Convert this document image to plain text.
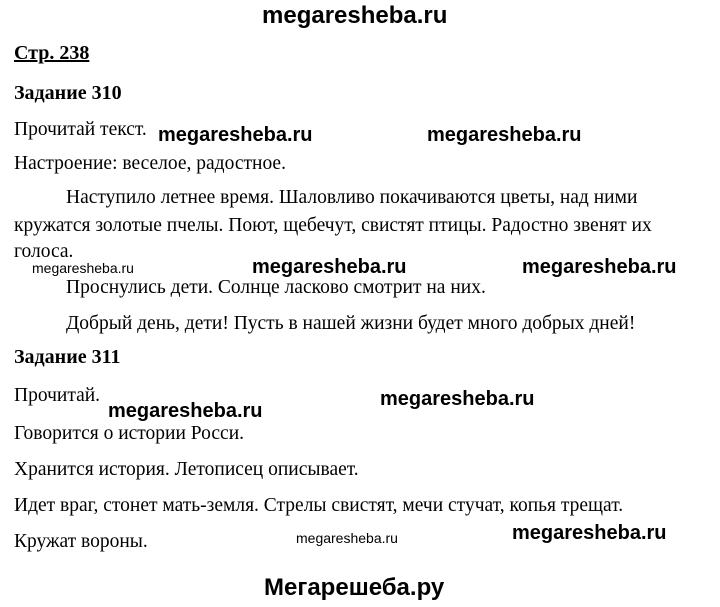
megaresheba.ru
Стр. 238
Задание 310
Прочитай текст.
Настроение: веселое, радостное.
Наступило летнее время. Шаловливо покачиваются цветы, над ними
кружатся золотые пчелы. Поют, щебечут, свистят птицы. Радостно звенят их
голоса.
Проснулись дети. Солнце ласково смотрит на них.
Добрый день, дети! Пусть в нашей жизни будет много добрых дней!
Задание 311
Прочитай.
Говорится о истории Росси.
Хранится история. Летописец описывает.
Идет враг, стонет мать-земля. Стрелы свистят, мечи стучат, копья трещат.
Кружат вороны.
megaresheba.ru	megaresheba.ru
megaresheba.ru	megaresheba.ru	megaresheba.ru
megaresheba.ru
megaresheba.ru
megaresheba.ru
megaresheba.ru
Мегарешеба.ру
